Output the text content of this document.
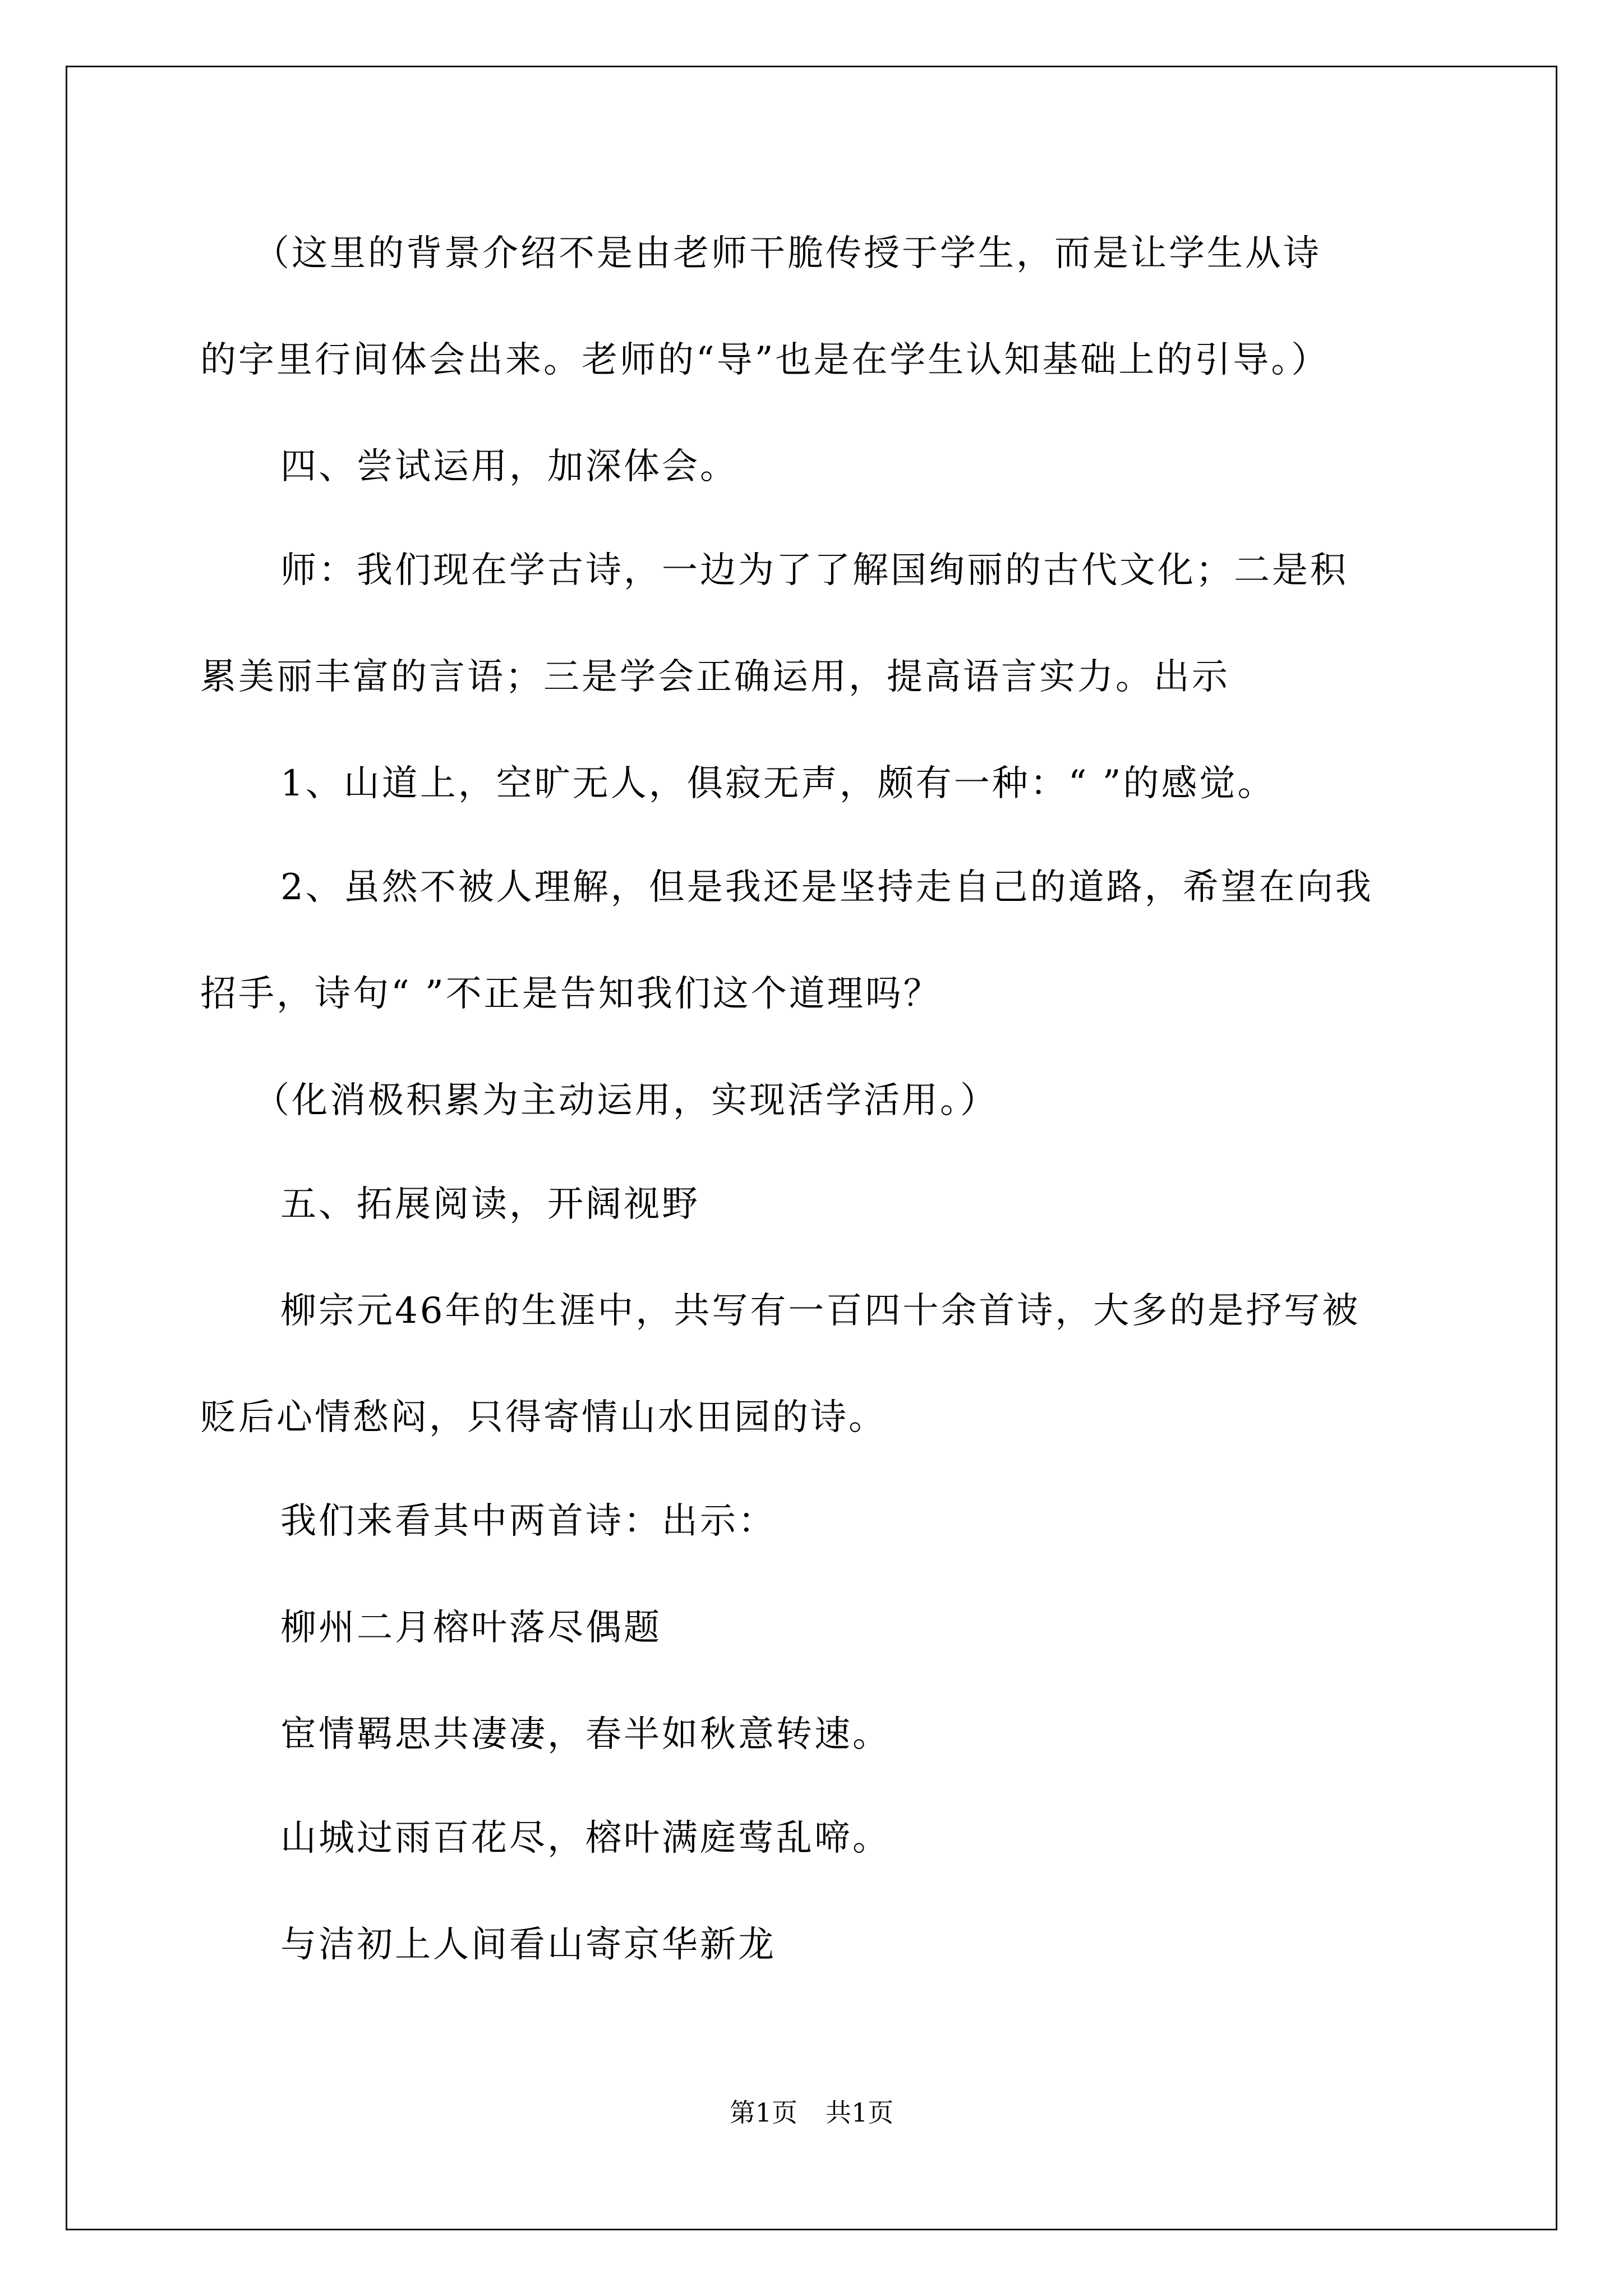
（这里的背景介绍不是由老师干脆传授于学生，而是让学生从诗
的字里行间体会出来。老师的“导”也是在学生认知基础上的引导。）
四、尝试运用，加深体会。
师：我们现在学古诗，一边为了了解国绚丽的古代文化；二是积
累美丽丰富的言语；三是学会正确运用，提高语言实力。出示
1、山道上，空旷无人，俱寂无声，颇有一种：“ ”的感觉。
2、虽然不被人理解，但是我还是坚持走自己的道路，希望在向我
招手，诗句“ ”不正是告知我们这个道理吗？
（化消极积累为主动运用，实现活学活用。）
五、拓展阅读，开阔视野
柳宗元46年的生涯中，共写有一百四十余首诗，大多的是抒写被
贬后心情愁闷，只得寄情山水田园的诗。
我们来看其中两首诗：出示：
柳州二月榕叶落尽偶题
宦情羁思共凄凄，春半如秋意转速。
山城过雨百花尽，榕叶满庭莺乱啼。
与洁初上人间看山寄京华新龙
第1页 共1页
